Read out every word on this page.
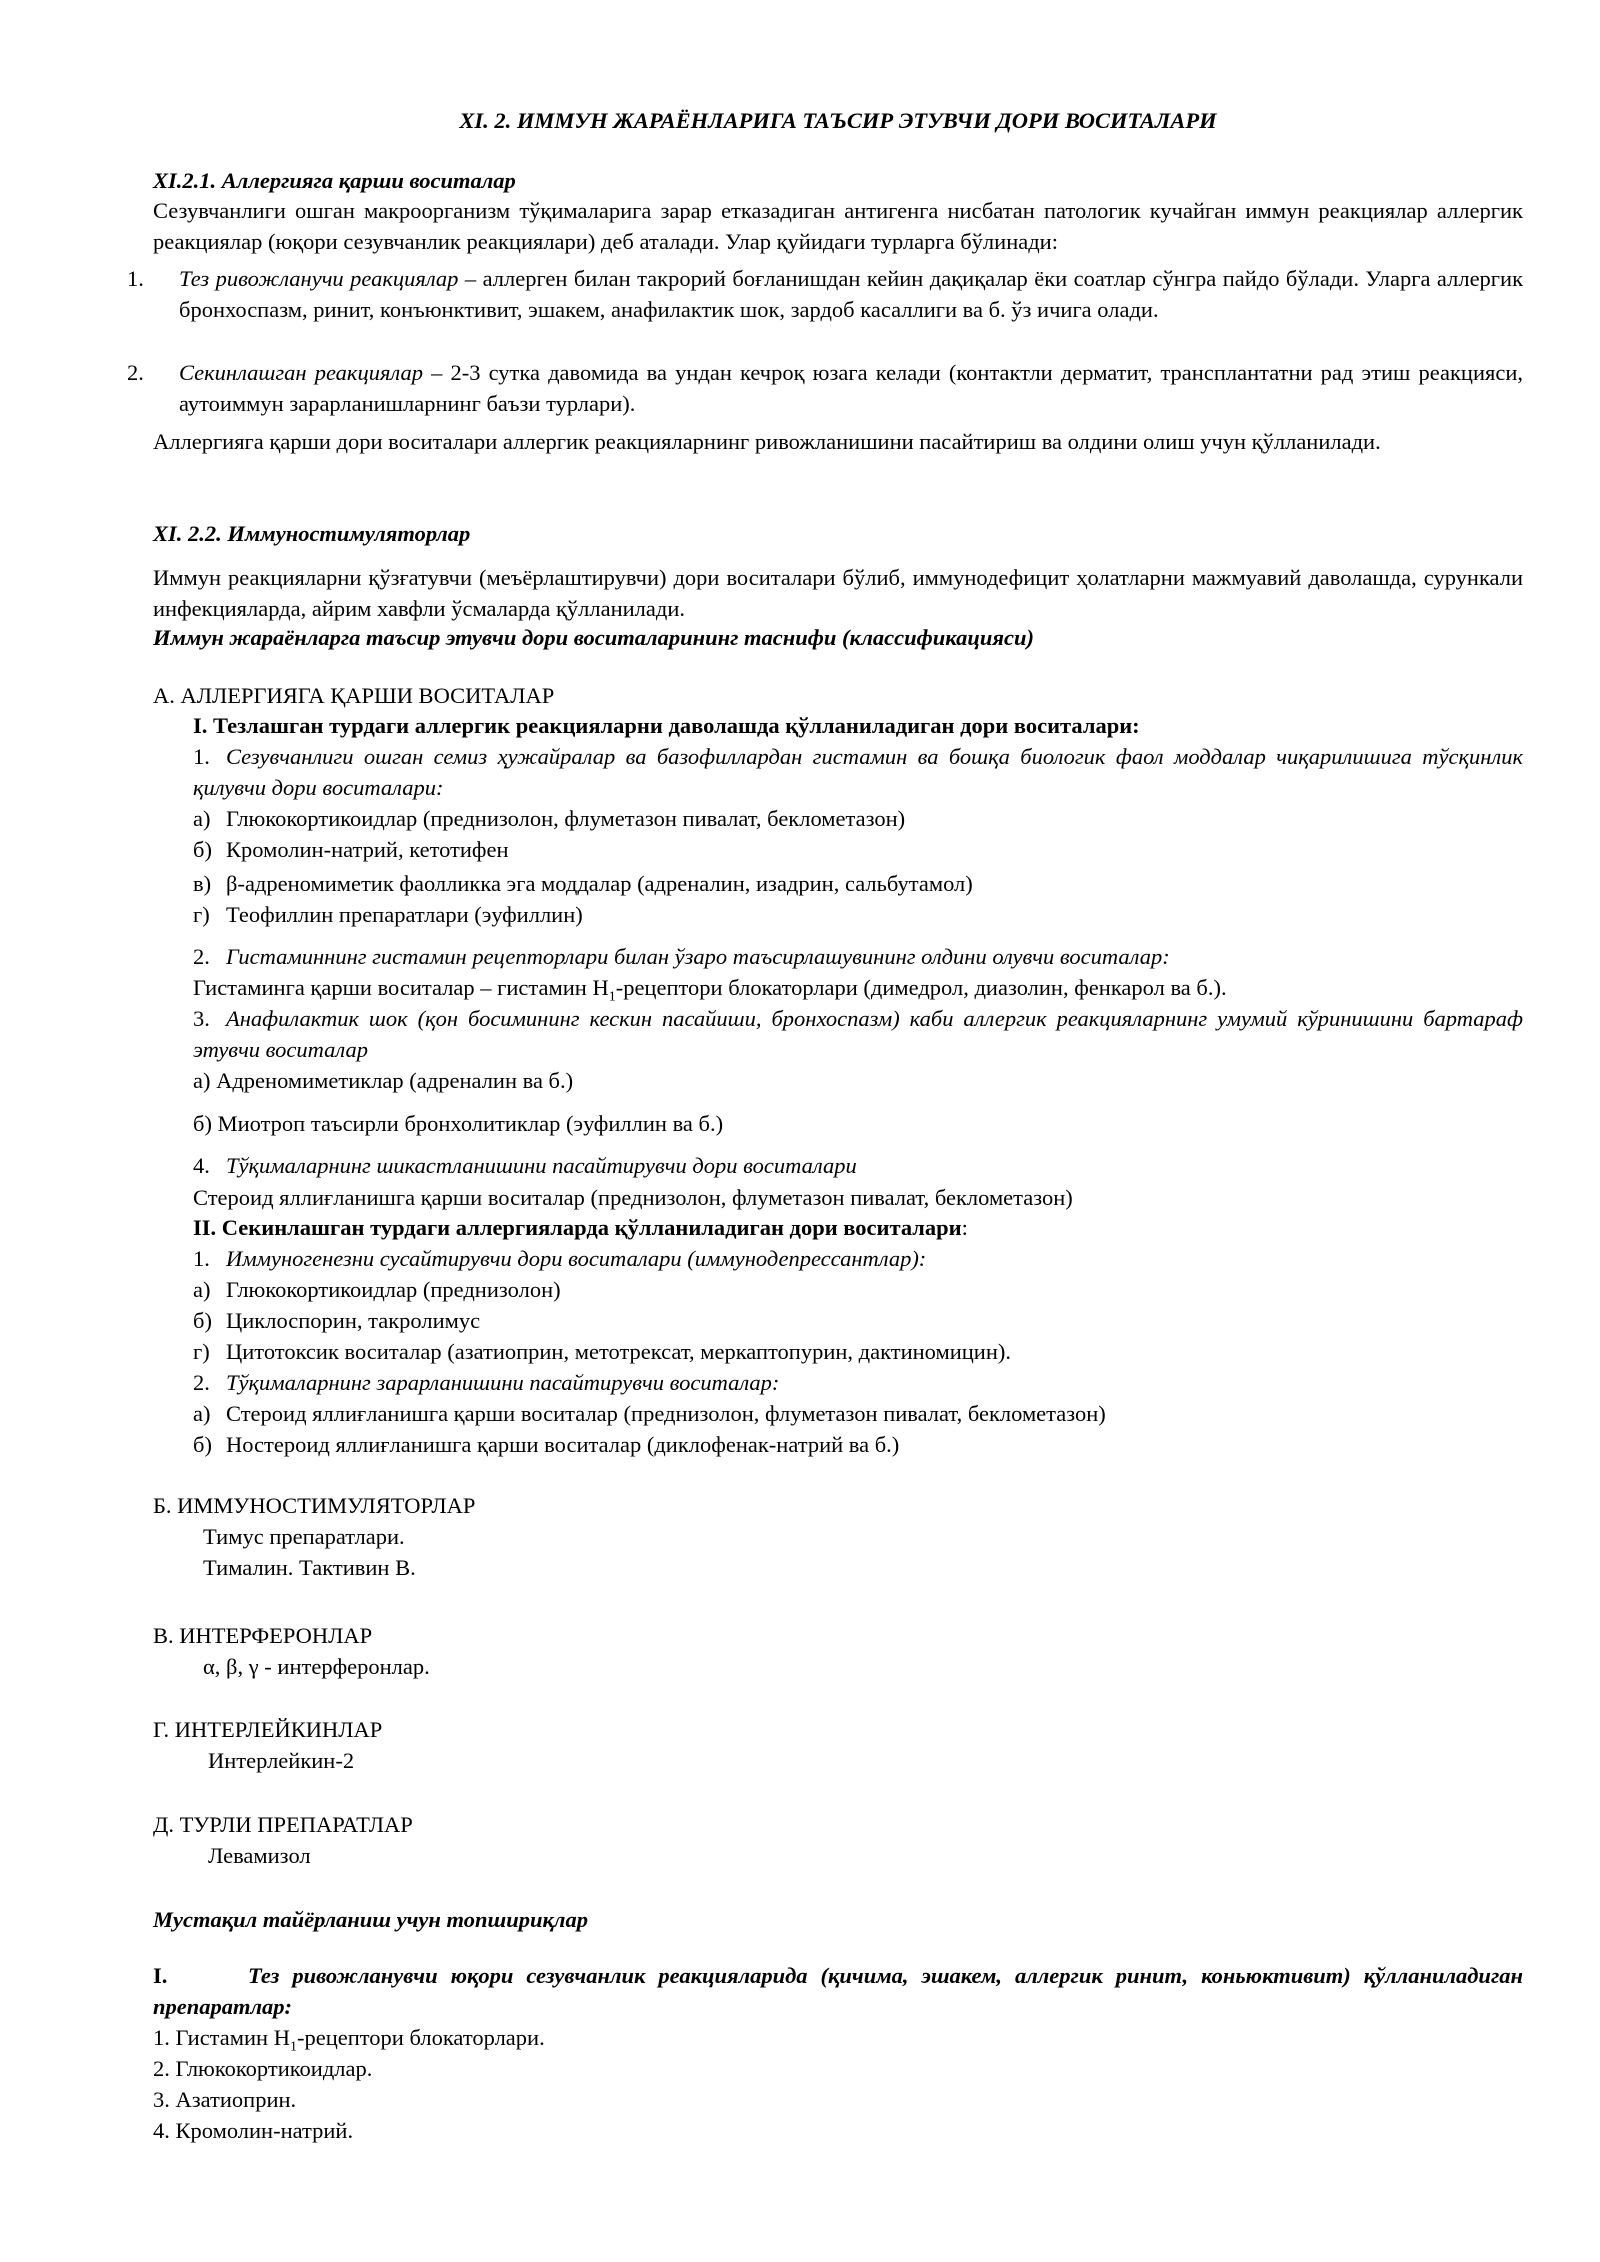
XI. 2. ИММУН ЖАРАЁНЛАРИГА ТАЪСИР ЭТУВЧИ ДОРИ ВОСИТАЛАРИ

XI.2.1. Аллергияга қарши воситалар

Сезувчанлиги ошган макроорганизм тўқималарига зарар етказадиган антигенга нисбатан патологик кучайган иммун реакциялар аллергик реакциялар (юқори сезувчанлик реакциялари) деб аталади. Улар қуйидаги турларга бўлинади:

1. Тез ривожланучи реакциялар – аллерген билан такрорий боғланишдан кейин дақиқалар ёки соатлар сўнгра пайдо бўлади. Уларга аллергик бронхоспазм, ринит, конъюнктивит, эшакем, анафилактик шок, зардоб касаллиги ва б. ўз ичига олади.

2. Секинлашган реакциялар – 2-3 сутка давомида ва ундан кечроқ юзага келади (контактли дерматит, трансплантатни рад этиш реакцияси, аутоиммун зарарланишларнинг баъзи турлари).

Аллергияга қарши дори воситалари аллергик реакцияларнинг ривожланишини пасайтириш ва олдини олиш учун қўлланилади.

XI. 2.2. Иммуностимуляторлар

Иммун реакцияларни қўзғатувчи (меъёрлаштирувчи) дори воситалари бўлиб, иммунодефицит ҳолатларни мажмуавий даволашда, сурункали инфекцияларда, айрим хавфли ўсмаларда қўлланилади.

Иммун жараёнларга таъсир этувчи дори воситаларининг таснифи (классификацияси)

А. АЛЛЕРГИЯГА ҚАРШИ ВОСИТАЛАР

I. Тезлашган турдаги аллергик реакцияларни даволашда қўлланиладиган дори воситалари:

1. Сезувчанлиги ошган семиз ҳужайралар ва базофиллардан гистамин ва бошқа биологик фаол моддалар чиқарилишига тўсқинлик қилувчи дори воситалари:

а) Глюкокортикоидлар (преднизолон, флуметазон пивалат, беклометазон)

б) Кромолин-натрий, кетотифен

в) β-адреномиметик фаолликка эга моддалар (адреналин, изадрин, сальбутамол)

г) Теофиллин препаратлари (эуфиллин)

2. Гистаминнинг гистамин рецепторлари билан ўзаро таъсирлашувининг олдини олувчи воситалар:

Гистаминга қарши воситалар – гистамин $Н_1$-рецептори блокаторлари (димедрол, диазолин, фенкарол ва б.).

3. Анафилактик шок (қон босимининг кескин пасайиши, бронхоспазм) каби аллергик реакцияларнинг умумий кўринишини бартараф этувчи воситалар

а) Адреномиметиклар (адреналин ва б.)

б) Миотроп таъсирли бронхолитиклар (эуфиллин ва б.)

4. Тўқималарнинг шикастланишини пасайтирувчи дори воситалари

Стероид яллиғланишга қарши воситалар (преднизолон, флуметазон пивалат, беклометазон)

II. Секинлашган турдаги аллергияларда қўлланиладиган дори воситалари:

1. Иммуногенезни сусайтирувчи дори воситалари (иммунодепрессантлар):

а) Глюкокортикоидлар (преднизолон)

б) Циклоспорин, такролимус

г) Цитотоксик воситалар (азатиоприн, метотрексат, меркаптопурин, дактиномицин).

2. Тўқималарнинг зарарланишини пасайтирувчи воситалар:

а) Стероид яллиғланишга қарши воситалар (преднизолон, флуметазон пивалат, беклометазон)

б) Ностероид яллиғланишга қарши воситалар (диклофенак-натрий ва б.)

Б. ИММУНОСТИМУЛЯТОРЛАР

Тимус препаратлари.

Тималин. Тактивин В.

В. ИНТЕРФЕРОНЛАР

α, β, γ - интерферонлар.

Г. ИНТЕРЛЕЙКИНЛАР

Интерлейкин-2

Д. ТУРЛИ ПРЕПАРАТЛАР

Левамизол

Мустақил тайёрланиш учун топшириқлар

I.	Тез ривожланувчи юқори сезувчанлик реакцияларида (қичима, эшакем, аллергик ринит, коньюктивит) қўлланиладиган препаратлар:

1. Гистамин $Н_1$-рецептори блокаторлари.

2. Глюкокортикоидлар.

3. Азатиоприн.

4. Кромолин-натрий.
